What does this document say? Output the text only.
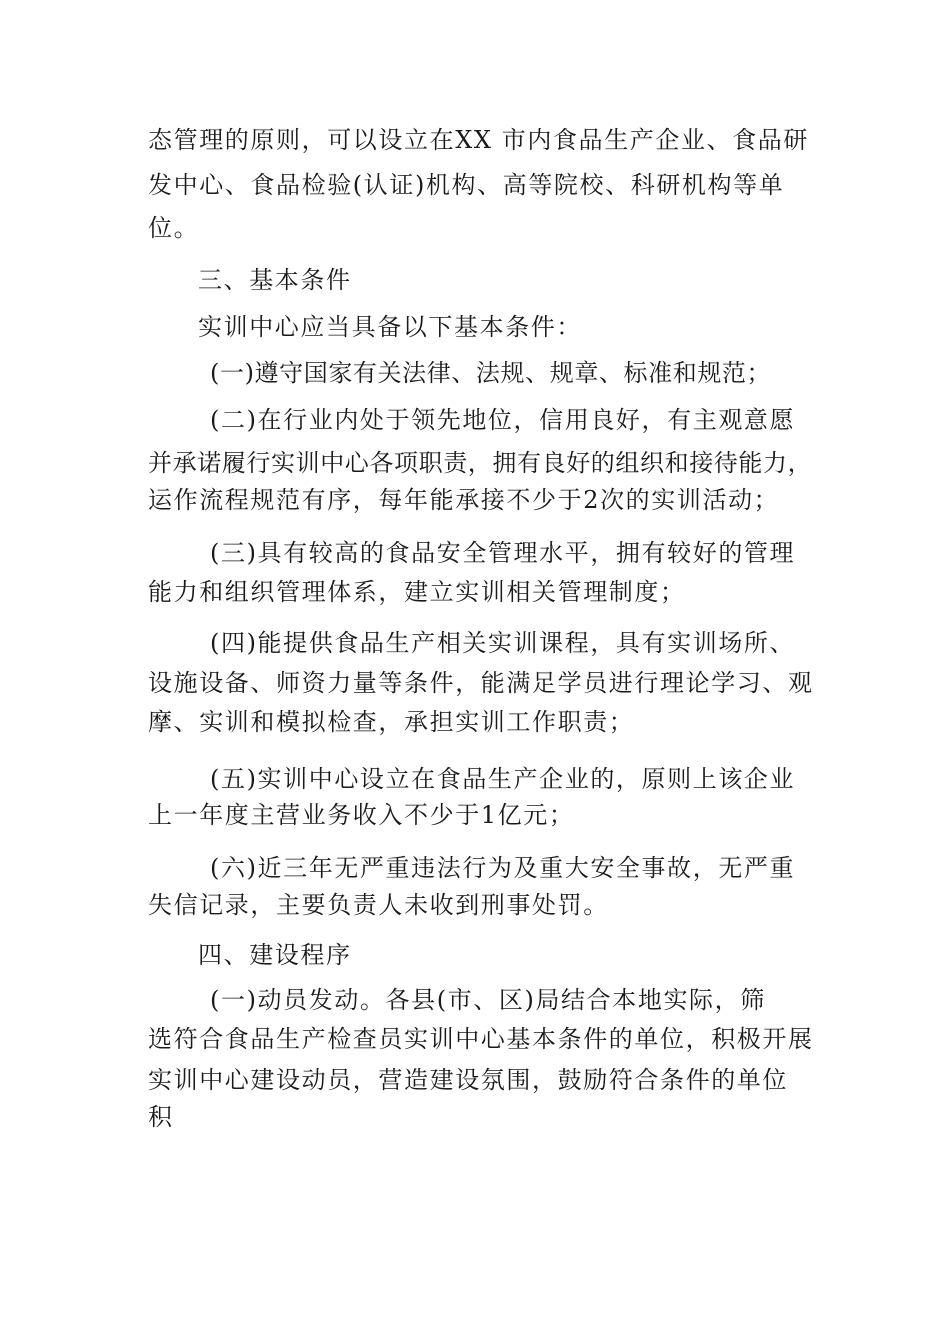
态管理的原则，可以设立在XX 市内食品生产企业、食品研
发中心、食品检验(认证)机构、高等院校、科研机构等单
位。
三、基本条件
实训中心应当具备以下基本条件：
(一)遵守国家有关法律、法规、规章、标准和规范；
(二)在行业内处于领先地位，信用良好，有主观意愿
并承诺履行实训中心各项职责，拥有良好的组织和接待能力，
运作流程规范有序，每年能承接不少于2次的实训活动；
(三)具有较高的食品安全管理水平，拥有较好的管理
能力和组织管理体系，建立实训相关管理制度；
(四)能提供食品生产相关实训课程，具有实训场所、
设施设备、师资力量等条件，能满足学员进行理论学习、观
摩、实训和模拟检查，承担实训工作职责；
(五)实训中心设立在食品生产企业的，原则上该企业
上一年度主营业务收入不少于1亿元；
(六)近三年无严重违法行为及重大安全事故，无严重
失信记录，主要负责人未收到刑事处罚。
四、建设程序
(一)动员发动。各县(市、区)局结合本地实际，筛
选符合食品生产检查员实训中心基本条件的单位，积极开展
实训中心建设动员，营造建设氛围，鼓励符合条件的单位
积
